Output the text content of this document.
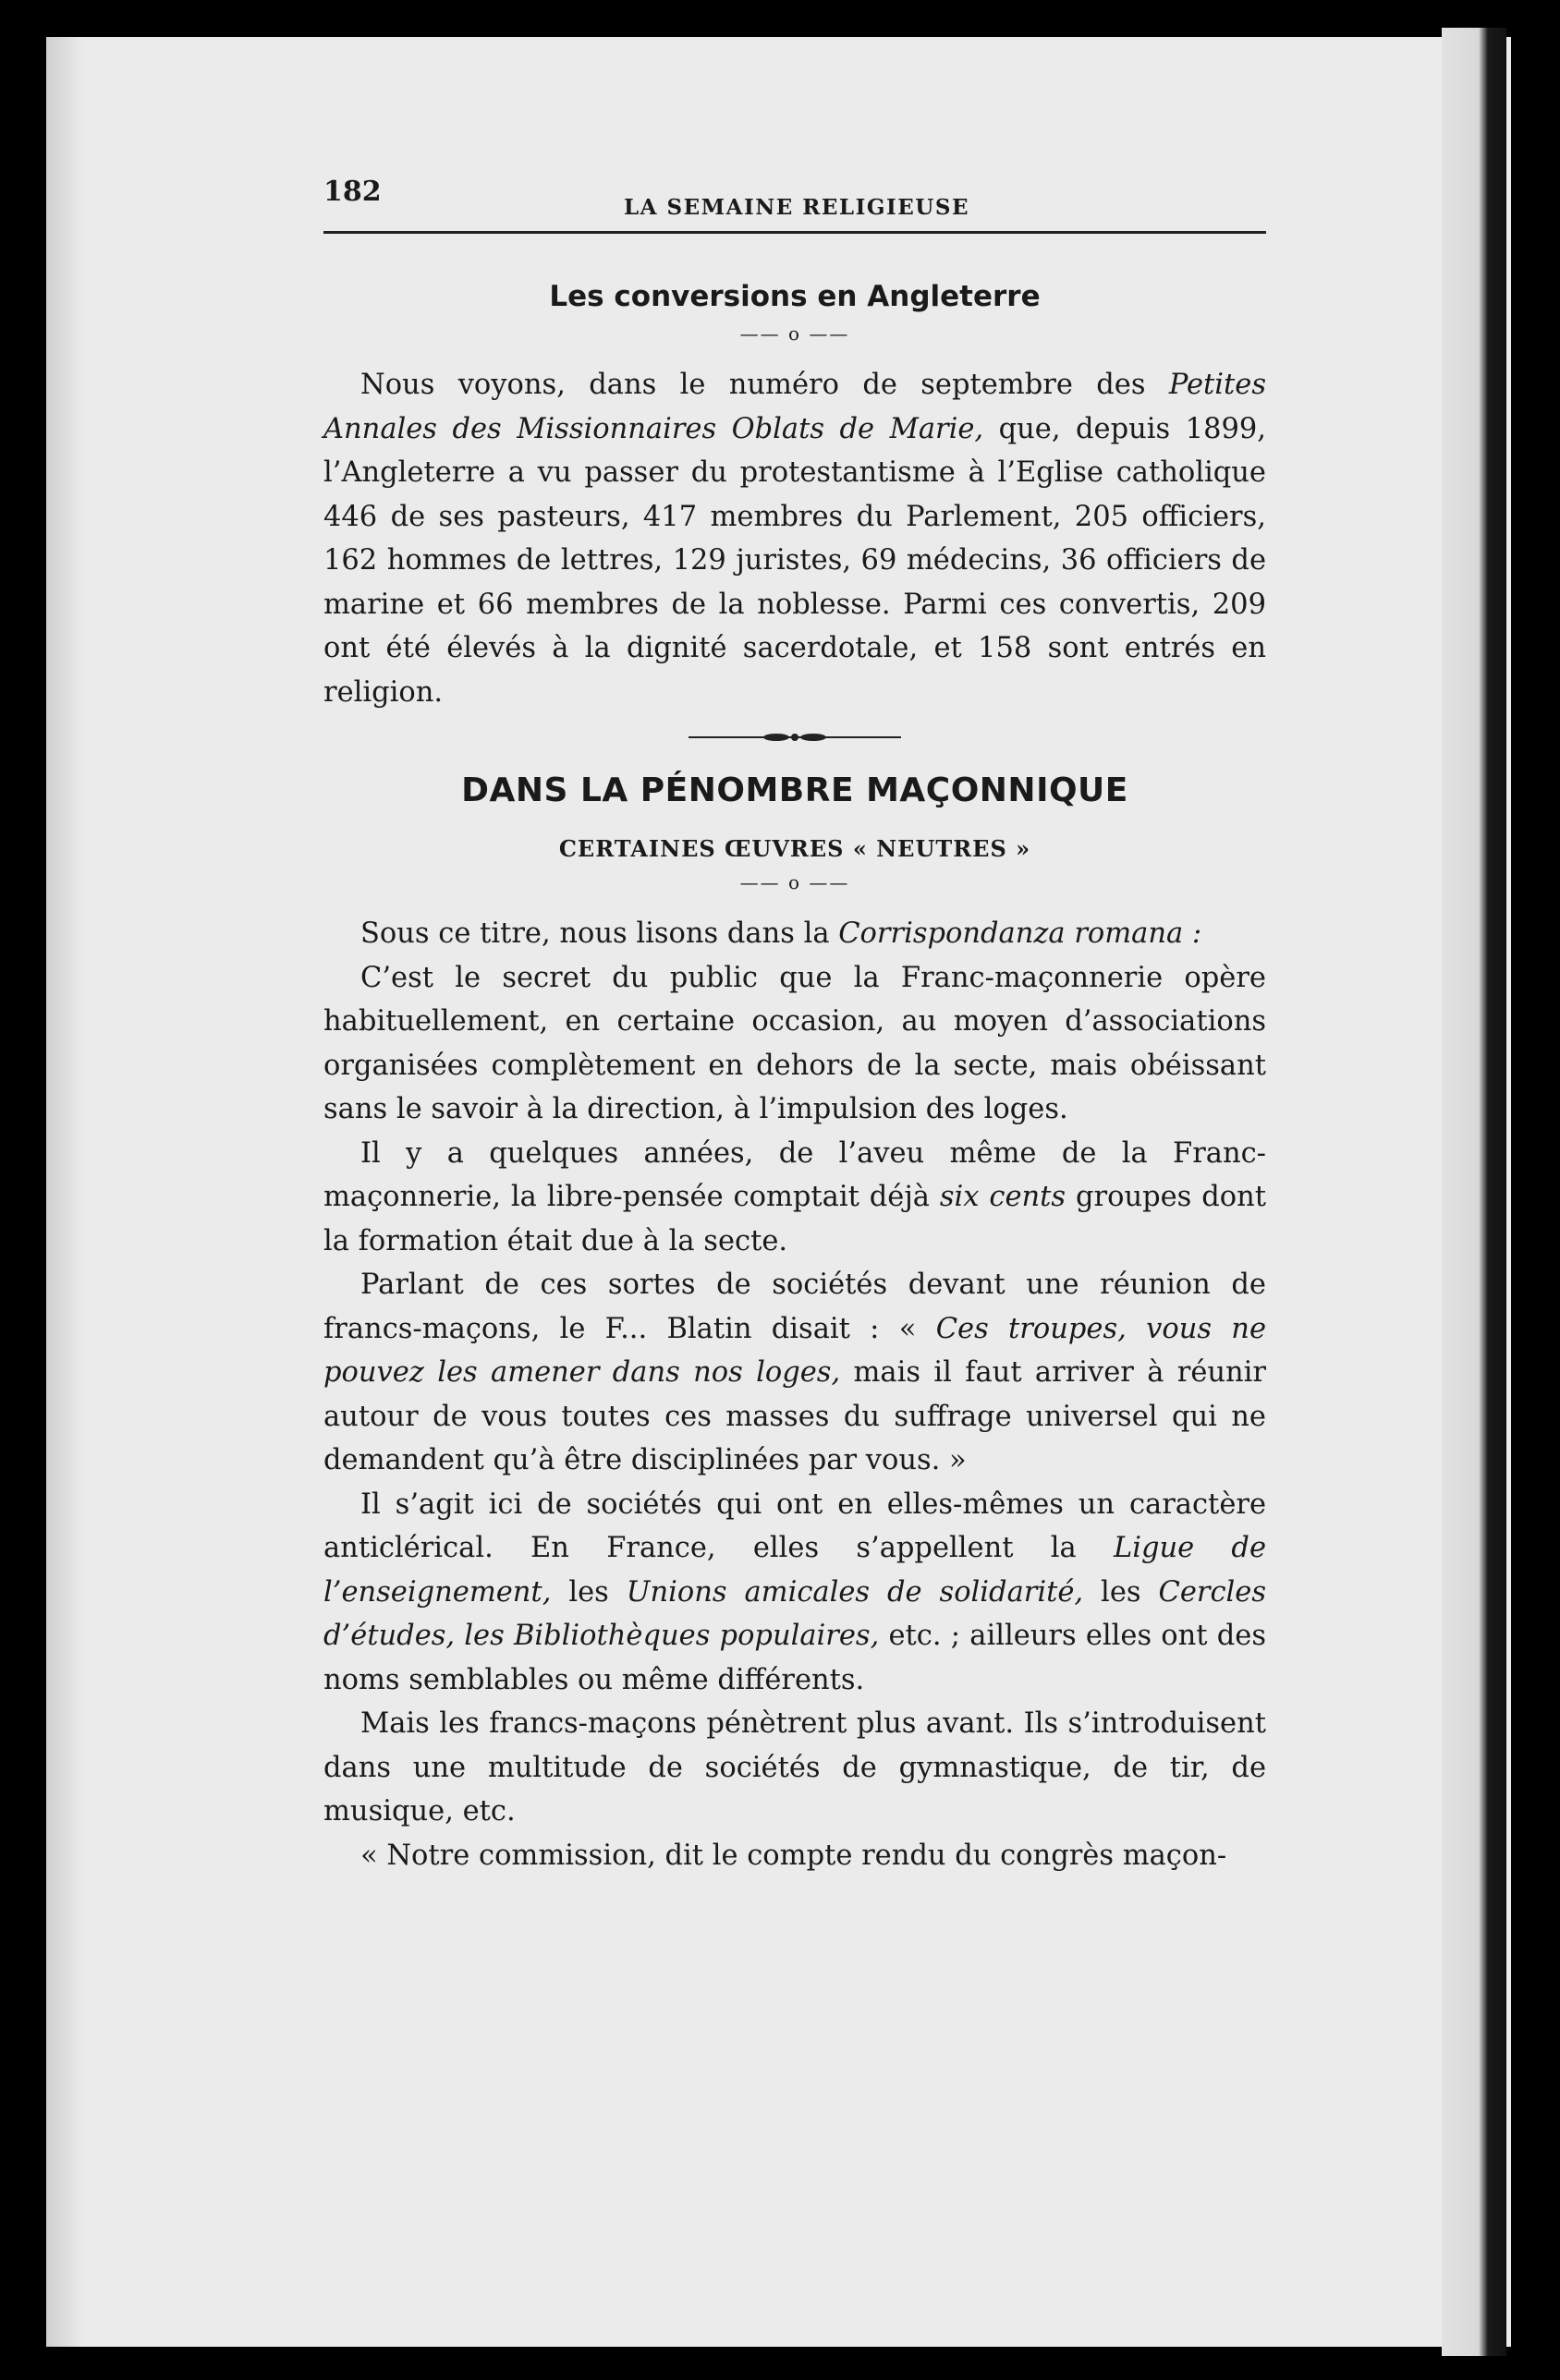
182	LA SEMAINE RELIGIEUSE
Les conversions en Angleterre
—— o ——

Nous voyons, dans le numéro de septembre des Petites Annales des Missionnaires Oblats de Marie, que, depuis 1899, l’Angleterre a vu passer du protestantisme à l’Eglise catholique 446 de ses pasteurs, 417 membres du Parlement, 205 officiers, 162 hommes de lettres, 129 juristes, 69 médecins, 36 officiers de marine et 66 membres de la noblesse. Parmi ces convertis, 209 ont été élevés à la dignité sacerdotale, et 158 sont entrés en religion.

DANS LA PÉNOMBRE MAÇONNIQUE
CERTAINES ŒUVRES « NEUTRES »
—— o ——

Sous ce titre, nous lisons dans la Corrispondanza romana :

C’est le secret du public que la Franc-maçonnerie opère habituellement, en certaine occasion, au moyen d’associations organisées complètement en dehors de la secte, mais obéissant sans le savoir à la direction, à l’impulsion des loges.

Il y a quelques années, de l’aveu même de la Franc-maçonnerie, la libre-pensée comptait déjà six cents groupes dont la formation était due à la secte.

Parlant de ces sortes de sociétés devant une réunion de francs-maçons, le F... Blatin disait : « Ces troupes, vous ne pouvez les amener dans nos loges, mais il faut arriver à réunir autour de vous toutes ces masses du suffrage universel qui ne demandent qu’à être disciplinées par vous. »

Il s’agit ici de sociétés qui ont en elles-mêmes un caractère anticlérical. En France, elles s’appellent la Ligue de l’enseignement, les Unions amicales de solidarité, les Cercles d’études, les Bibliothèques populaires, etc. ; ailleurs elles ont des noms semblables ou même différents.

Mais les francs-maçons pénètrent plus avant. Ils s’introduisent dans une multitude de sociétés de gymnastique, de tir, de musique, etc.

« Notre commission, dit le compte rendu du congrès maçon-
